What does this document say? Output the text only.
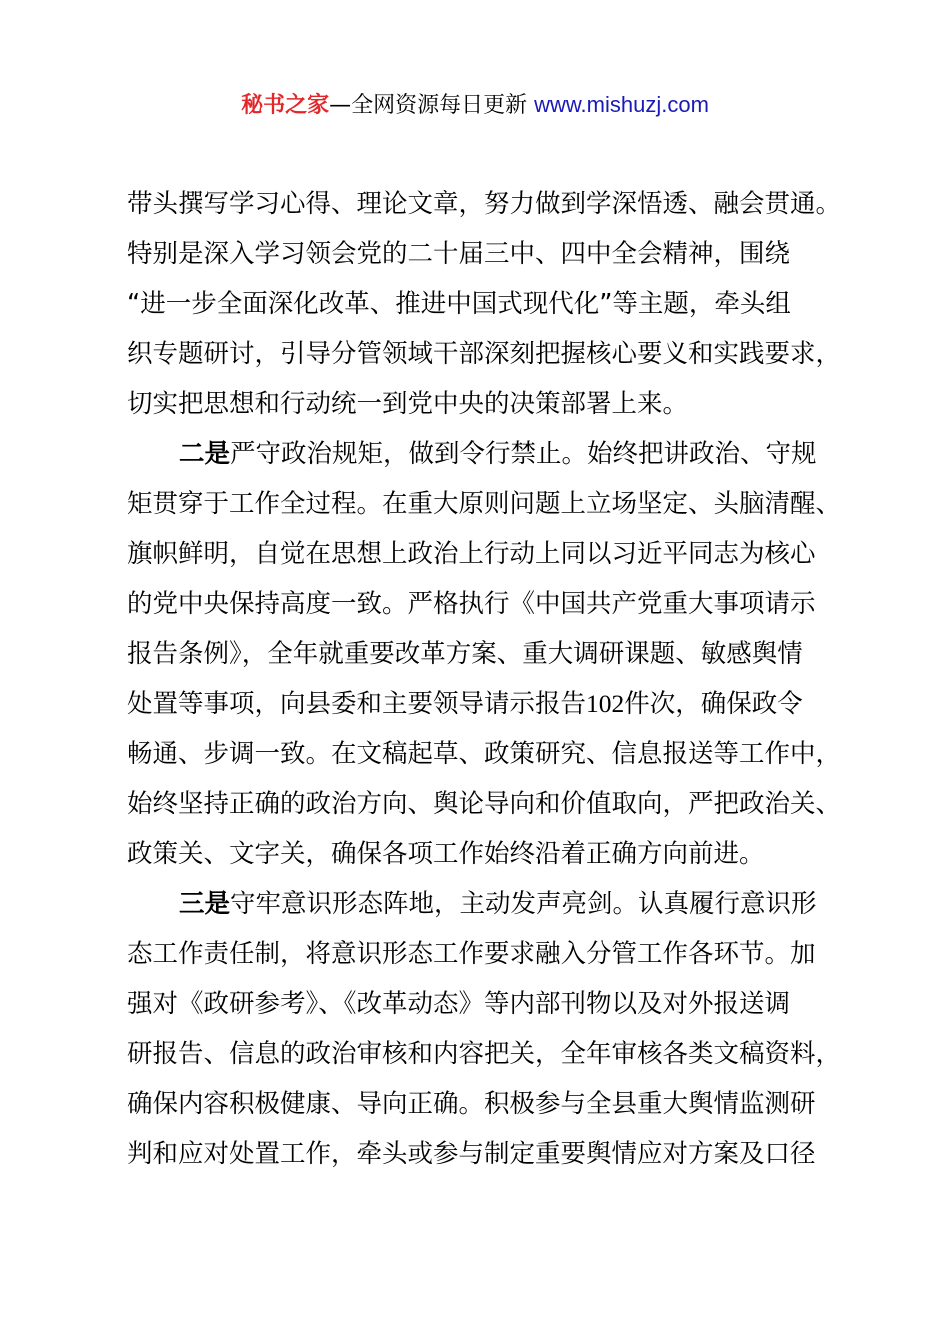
秘书之家—全网资源每日更新 www.mishuzj.com
带头撰写学习心得、理论文章，努力做到学深悟透、融会贯通。
特别是深入学习领会党的二十届三中、四中全会精神，围绕
“进一步全面深化改革、推进中国式现代化”等主题，牵头组
织专题研讨，引导分管领域干部深刻把握核心要义和实践要求，
切实把思想和行动统一到党中央的决策部署上来。
二是严守政治规矩，做到令行禁止。始终把讲政治、守规
矩贯穿于工作全过程。在重大原则问题上立场坚定、头脑清醒、
旗帜鲜明，自觉在思想上政治上行动上同以习近平同志为核心
的党中央保持高度一致。严格执行《中国共产党重大事项请示
报告条例》，全年就重要改革方案、重大调研课题、敏感舆情
处置等事项，向县委和主要领导请示报告102件次，确保政令
畅通、步调一致。在文稿起草、政策研究、信息报送等工作中，
始终坚持正确的政治方向、舆论导向和价值取向，严把政治关、
政策关、文字关，确保各项工作始终沿着正确方向前进。
三是守牢意识形态阵地，主动发声亮剑。认真履行意识形
态工作责任制，将意识形态工作要求融入分管工作各环节。加
强对《政研参考》、《改革动态》等内部刊物以及对外报送调
研报告、信息的政治审核和内容把关，全年审核各类文稿资料，
确保内容积极健康、导向正确。积极参与全县重大舆情监测研
判和应对处置工作，牵头或参与制定重要舆情应对方案及口径
